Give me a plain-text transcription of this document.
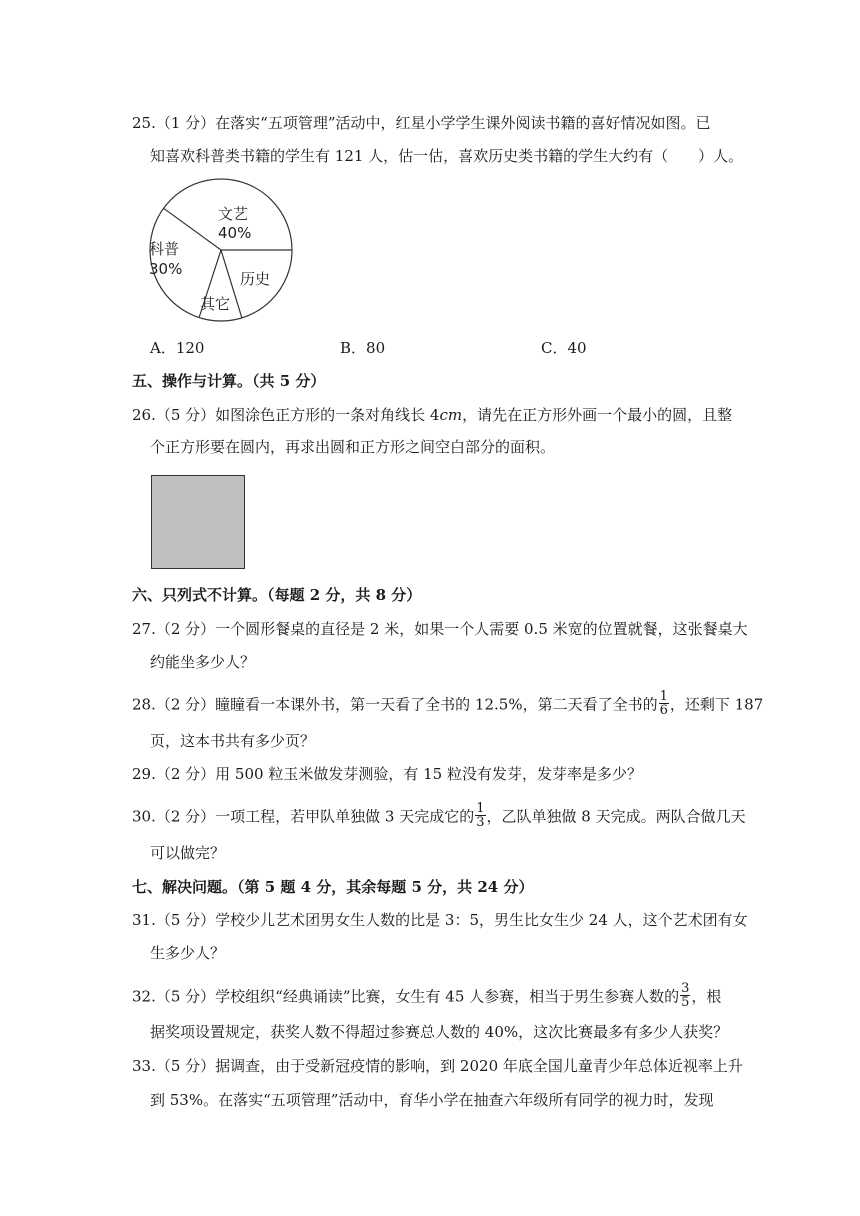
25.（1 分）在落实“五项管理”活动中，红星小学学生课外阅读书籍的喜好情况如图。已
知喜欢科普类书籍的学生有 121 人，估一估，喜欢历史类书籍的学生大约有（　　）人。
文艺
40%
科普
30%
其它
历史
A．120	B．80	C．40
五、操作与计算。（共 5 分）
26.（5 分）如图涂色正方形的一条对角线长 4cm，请先在正方形外画一个最小的圆，且整
个正方形要在圆内，再求出圆和正方形之间空白部分的面积。
六、只列式不计算。（每题 2 分，共 8 分）
27.（2 分）一个圆形餐桌的直径是 2 米，如果一个人需要 0.5 米宽的位置就餐，这张餐桌大
约能坐多少人？
28.（2 分）瞳瞳看一本课外书，第一天看了全书的 12.5%，第二天看了全书的 $\frac{1}{6}$ ，还剩下 187
页，这本书共有多少页？
29.（2 分）用 500 粒玉米做发芽测验，有 15 粒没有发芽，发芽率是多少？
30.（2 分）一项工程，若甲队单独做 3 天完成它的 $\frac{1}{3}$ ，乙队单独做 8 天完成。两队合做几天
可以做完？
七、解决问题。（第 5 题 4 分，其余每题 5 分，共 24 分）
31.（5 分）学校少儿艺术团男女生人数的比是 3：5，男生比女生少 24 人，这个艺术团有女
生多少人？
32.（5 分）学校组织“经典诵读”比赛，女生有 45 人参赛，相当于男生参赛人数的 $\frac{3}{5}$ ，根
据奖项设置规定，获奖人数不得超过参赛总人数的 40%，这次比赛最多有多少人获奖？
33.（5 分）据调查，由于受新冠疫情的影响，到 2020 年底全国儿童青少年总体近视率上升
到 53%。在落实“五项管理”活动中，育华小学在抽查六年级所有同学的视力时，发现
